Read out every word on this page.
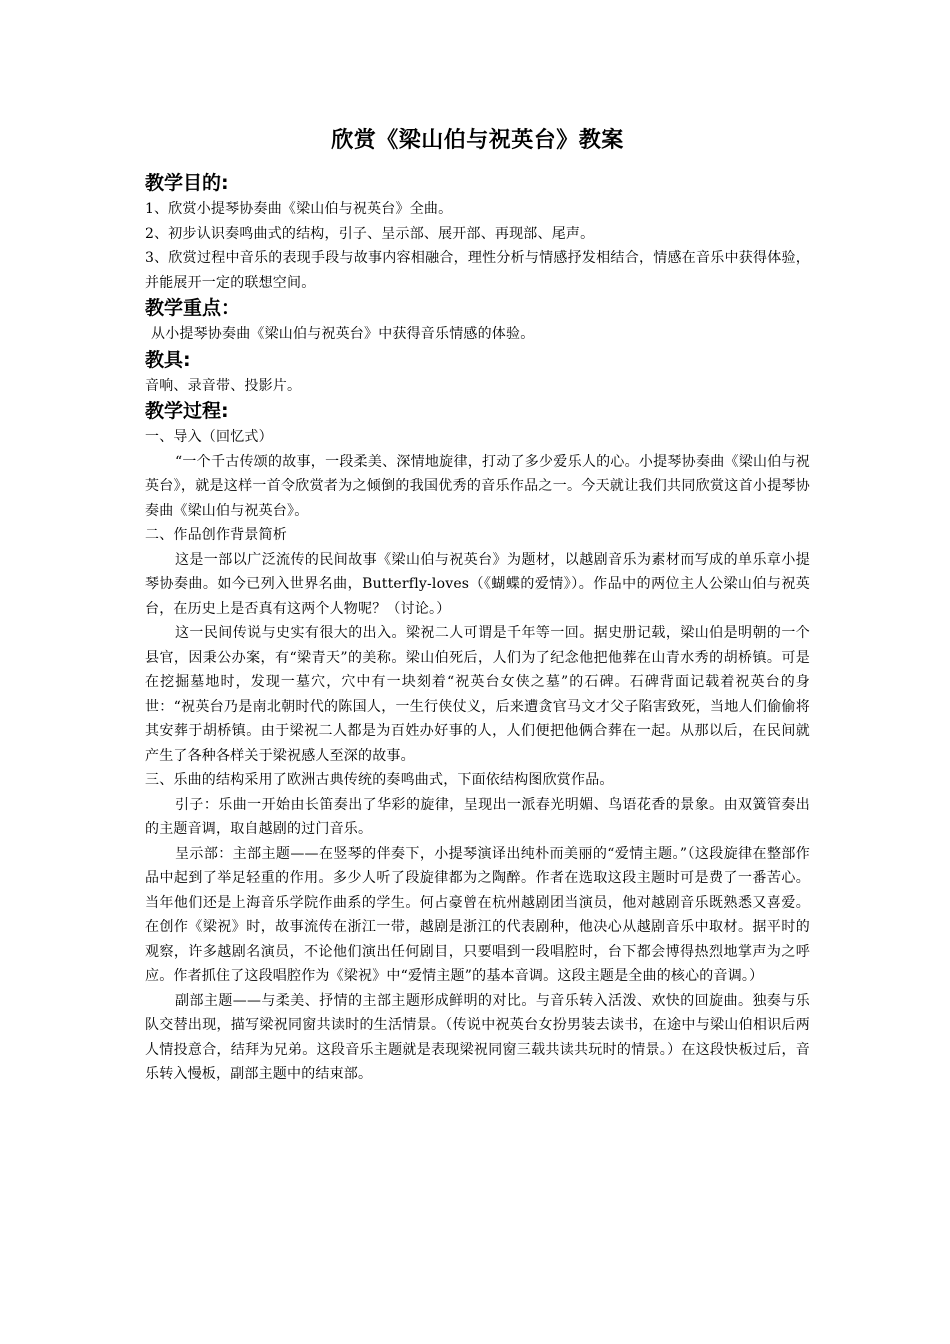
欣赏《梁山伯与祝英台》教案
教学目的:

1、欣赏小提琴协奏曲《梁山伯与祝英台》全曲。

2、初步认识奏鸣曲式的结构，引子、呈示部、展开部、再现部、尾声。

3、欣赏过程中音乐的表现手段与故事内容相融合，理性分析与情感抒发相结合，情感在音乐中获得体验，并能展开一定的联想空间。

教学重点：

从小提琴协奏曲《梁山伯与祝英台》中获得音乐情感的体验。

教具:

音响、录音带、投影片。

教学过程:

一、导入（回忆式）

“一个千古传颂的故事，一段柔美、深情地旋律，打动了多少爱乐人的心。小提琴协奏曲《梁山伯与祝英台》，就是这样一首令欣赏者为之倾倒的我国优秀的音乐作品之一。今天就让我们共同欣赏这首小提琴协奏曲《梁山伯与祝英台》。

二、作品创作背景简析

这是一部以广泛流传的民间故事《梁山伯与祝英台》为题材，以越剧音乐为素材而写成的单乐章小提琴协奏曲。如今已列入世界名曲，Butterfly-loves（《蝴蝶的爱情》）。作品中的两位主人公梁山伯与祝英台，在历史上是否真有这两个人物呢？（讨论。）

这一民间传说与史实有很大的出入。梁祝二人可谓是千年等一回。据史册记载，梁山伯是明朝的一个县官，因秉公办案，有“梁青天”的美称。梁山伯死后，人们为了纪念他把他葬在山青水秀的胡桥镇。可是在挖掘墓地时，发现一墓穴，穴中有一块刻着“祝英台女侠之墓”的石碑。石碑背面记载着祝英台的身世：“祝英台乃是南北朝时代的陈国人，一生行侠仗义，后来遭贪官马文才父子陷害致死，当地人们偷偷将其安葬于胡桥镇。由于梁祝二人都是为百姓办好事的人，人们便把他俩合葬在一起。从那以后，在民间就产生了各种各样关于梁祝感人至深的故事。

三、乐曲的结构采用了欧洲古典传统的奏鸣曲式，下面依结构图欣赏作品。

引子：乐曲一开始由长笛奏出了华彩的旋律，呈现出一派春光明媚、鸟语花香的景象。由双簧管奏出的主题音调，取自越剧的过门音乐。

呈示部：主部主题——在竖琴的伴奏下，小提琴演译出纯朴而美丽的“爱情主题。”（这段旋律在整部作品中起到了举足轻重的作用。多少人听了段旋律都为之陶醉。作者在选取这段主题时可是费了一番苦心。当年他们还是上海音乐学院作曲系的学生。何占豪曾在杭州越剧团当演员，他对越剧音乐既熟悉又喜爱。在创作《梁祝》时，故事流传在浙江一带，越剧是浙江的代表剧种，他决心从越剧音乐中取材。据平时的观察，许多越剧名演员，不论他们演出任何剧目，只要唱到一段唱腔时，台下都会博得热烈地掌声为之呼应。作者抓住了这段唱腔作为《梁祝》中“爱情主题”的基本音调。这段主题是全曲的核心的音调。）

副部主题——与柔美、抒情的主部主题形成鲜明的对比。与音乐转入活泼、欢快的回旋曲。独奏与乐队交替出现，描写梁祝同窗共读时的生活情景。（传说中祝英台女扮男装去读书，在途中与梁山伯相识后两人情投意合，结拜为兄弟。这段音乐主题就是表现梁祝同窗三载共读共玩时的情景。）在这段快板过后，音乐转入慢板，副部主题中的结束部。
